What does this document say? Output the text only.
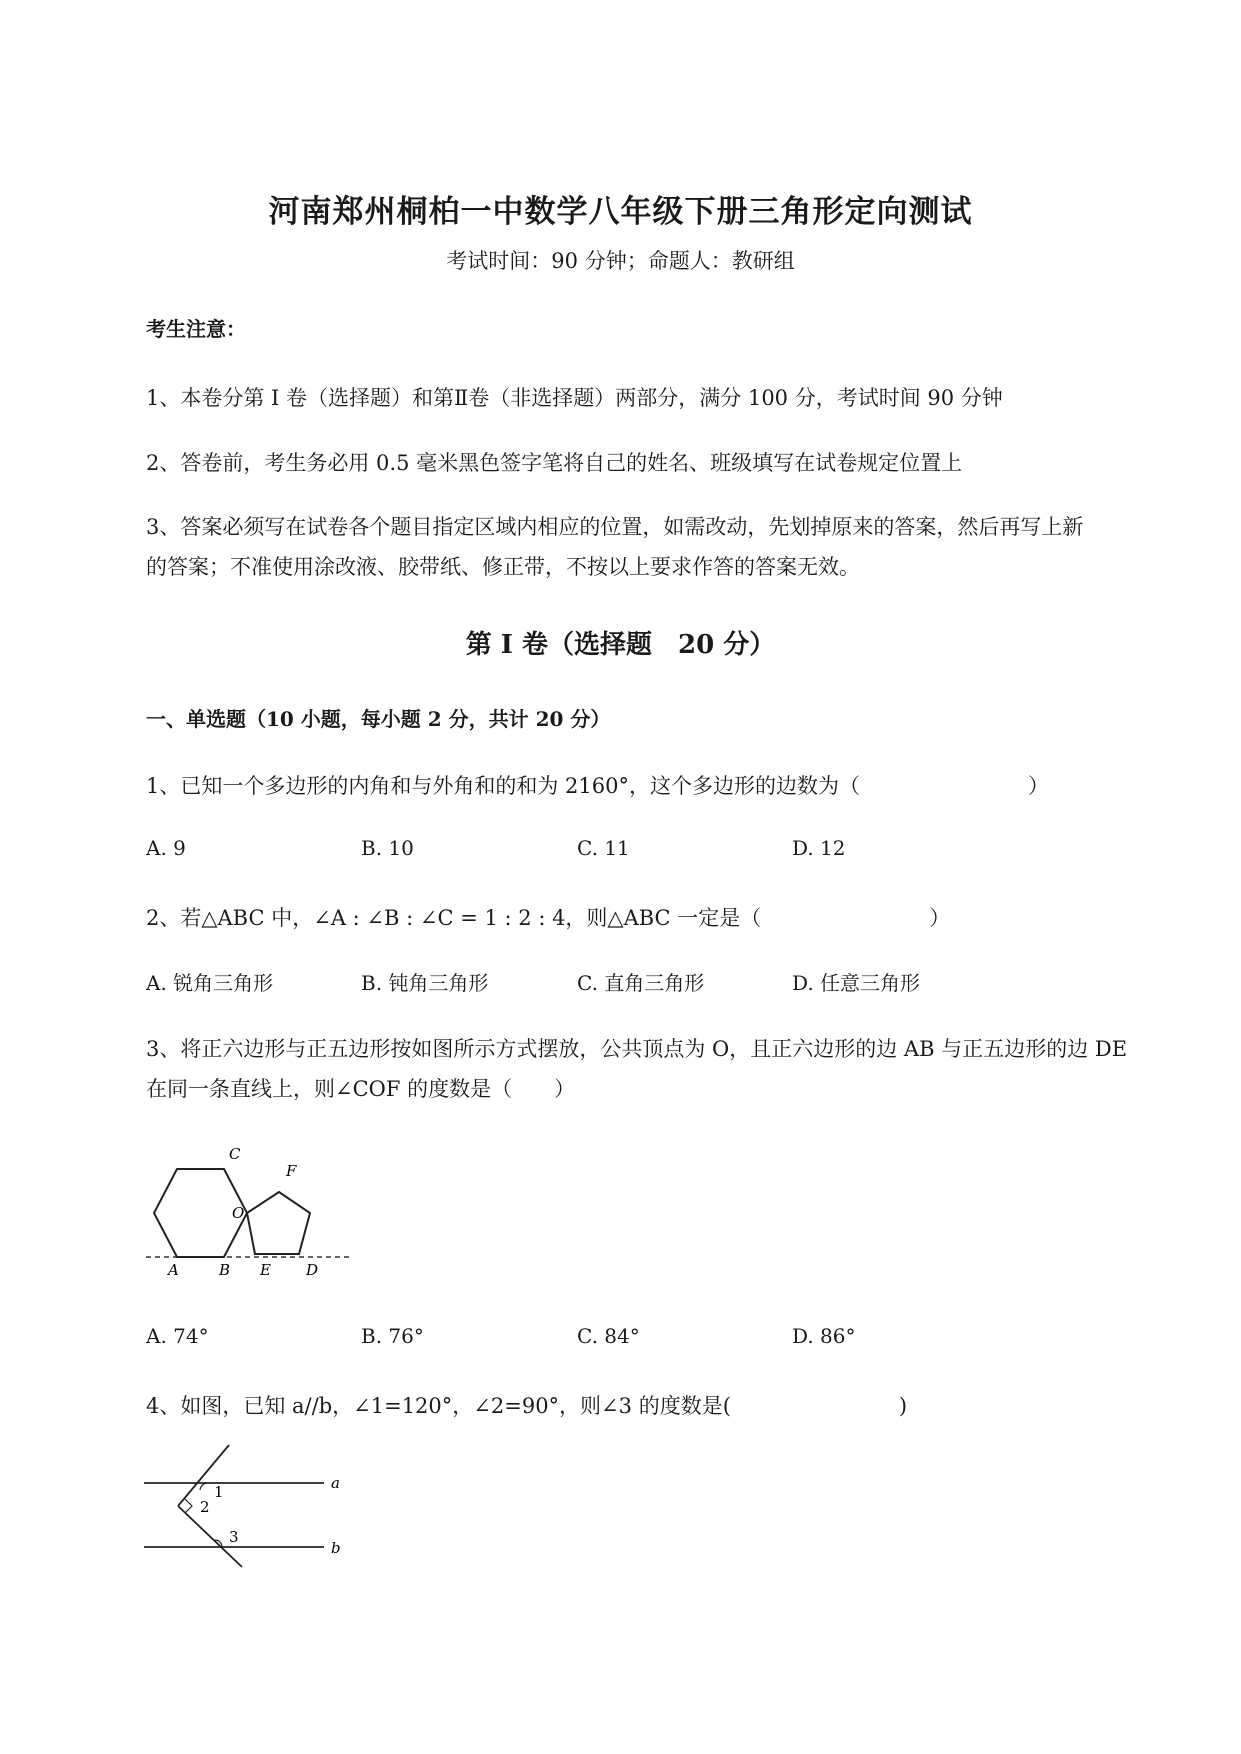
河南郑州桐柏一中数学八年级下册三角形定向测试
考试时间：90 分钟；命题人：教研组
考生注意：
1、本卷分第 I 卷（选择题）和第Ⅱ卷（非选择题）两部分，满分 100 分，考试时间 90 分钟
2、答卷前，考生务必用 0.5 毫米黑色签字笔将自己的姓名、班级填写在试卷规定位置上
3、答案必须写在试卷各个题目指定区域内相应的位置，如需改动，先划掉原来的答案，然后再写上新
的答案；不准使用涂改液、胶带纸、修正带，不按以上要求作答的答案无效。
第 I 卷（选择题　20 分）
一、单选题（10 小题，每小题 2 分，共计 20 分）
1、已知一个多边形的内角和与外角和的和为 2160°，这个多边形的边数为（　　　　　　　　）
A. 9	B. 10	C. 11	D. 12
2、若△ABC 中，∠A : ∠B : ∠C = 1 : 2 : 4，则△ABC 一定是（　　　　　　　　）
A. 锐角三角形	B. 钝角三角形	C. 直角三角形	D. 任意三角形
3、将正六边形与正五边形按如图所示方式摆放，公共顶点为 O，且正六边形的边 AB 与正五边形的边 DE
在同一条直线上，则∠COF 的度数是（　　）
C
F
O
A	B E D
A. 74°	B. 76°	C. 84°	D. 86°
4、如图，已知 a//b，∠1=120°，∠2=90°，则∠3 的度数是(　　　　　　　　)
a
b
1
2
3
